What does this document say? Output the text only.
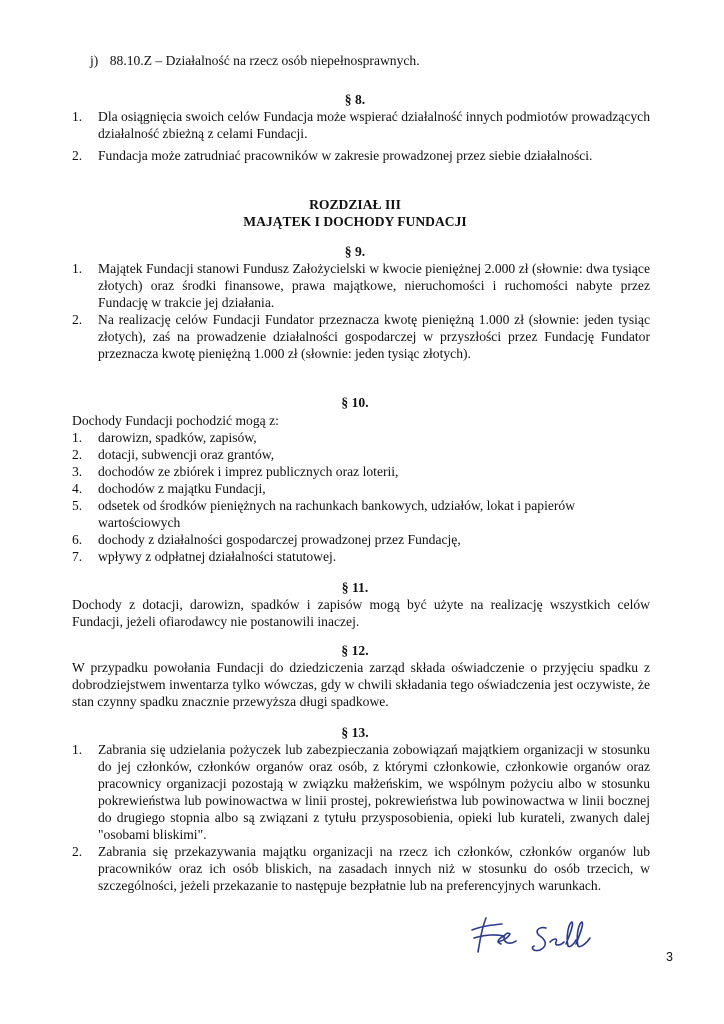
j) 88.10.Z – Działalność na rzecz osób niepełnosprawnych.
§ 8.
1. Dla osiągnięcia swoich celów Fundacja może wspierać działalność innych podmiotów prowadzących działalność zbieżną z celami Fundacji.
2. Fundacja może zatrudniać pracowników w zakresie prowadzonej przez siebie działalności.
ROZDZIAŁ III
MAJĄTEK I DOCHODY FUNDACJI
§ 9.
1. Majątek Fundacji stanowi Fundusz Założycielski w kwocie pieniężnej 2.000 zł (słownie: dwa tysiące złotych) oraz środki finansowe, prawa majątkowe, nieruchomości i ruchomości nabyte przez Fundację w trakcie jej działania.
2. Na realizację celów Fundacji Fundator przeznacza kwotę pieniężną 1.000 zł (słownie: jeden tysiąc złotych), zaś na prowadzenie działalności gospodarczej w przyszłości przez Fundację Fundator przeznacza kwotę pieniężną 1.000 zł (słownie: jeden tysiąc złotych).
§ 10.
Dochody Fundacji pochodzić mogą z:
1. darowizn, spadków, zapisów,
2. dotacji, subwencji oraz grantów,
3. dochodów ze zbiórek i imprez publicznych oraz loterii,
4. dochodów z majątku Fundacji,
5. odsetek od środków pieniężnych na rachunkach bankowych, udziałów, lokat i papierów wartościowych
6. dochody z działalności gospodarczej prowadzonej przez Fundację,
7. wpływy z odpłatnej działalności statutowej.
§ 11.
Dochody z dotacji, darowizn, spadków i zapisów mogą być użyte na realizację wszystkich celów Fundacji, jeżeli ofiarodawcy nie postanowili inaczej.
§ 12.
W przypadku powołania Fundacji do dziedziczenia zarząd składa oświadczenie o przyjęciu spadku z dobrodziejstwem inwentarza tylko wówczas, gdy w chwili składania tego oświadczenia jest oczywiste, że stan czynny spadku znacznie przewyższa długi spadkowe.
§ 13.
1. Zabrania się udzielania pożyczek lub zabezpieczania zobowiązań majątkiem organizacji w stosunku do jej członków, członków organów oraz osób, z którymi członkowie, członkowie organów oraz pracownicy organizacji pozostają w związku małżeńskim, we wspólnym pożyciu albo w stosunku pokrewieństwa lub powinowactwa w linii prostej, pokrewieństwa lub powinowactwa w linii bocznej do drugiego stopnia albo są związani z tytułu przysposobienia, opieki lub kurateli, zwanych dalej "osobami bliskimi".
2. Zabrania się przekazywania majątku organizacji na rzecz ich członków, członków organów lub pracowników oraz ich osób bliskich, na zasadach innych niż w stosunku do osób trzecich, w szczególności, jeżeli przekazanie to następuje bezpłatnie lub na preferencyjnych warunkach.
3
